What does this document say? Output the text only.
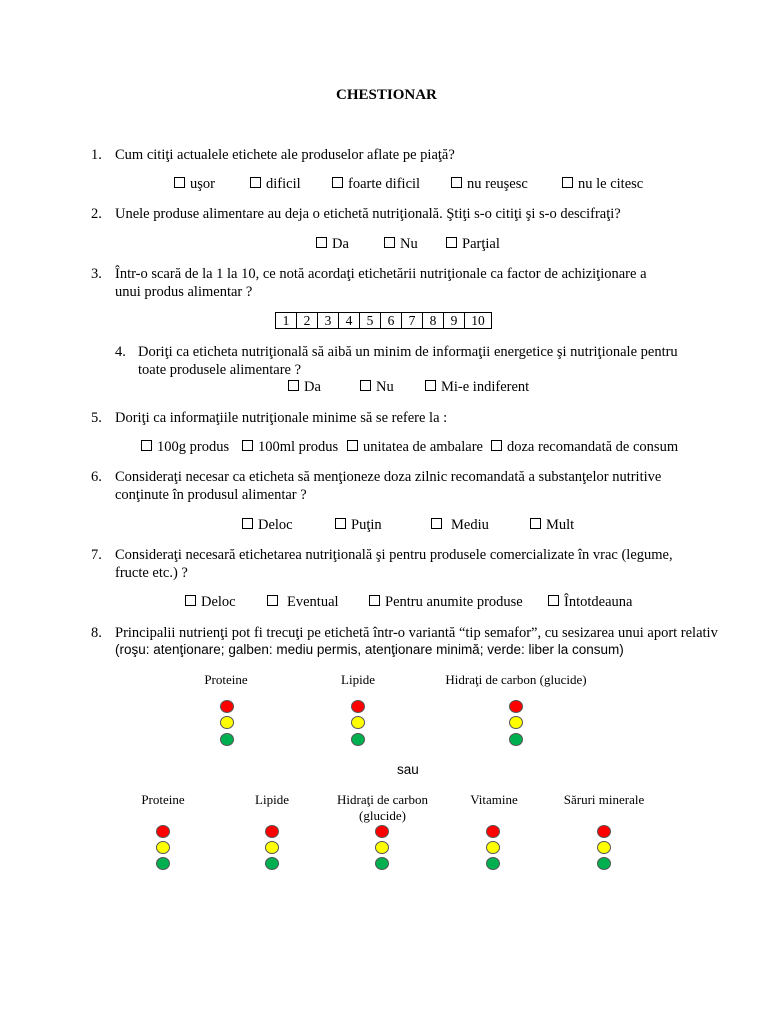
CHESTIONAR
1. Cum citiţi actualele etichete ale produselor aflate pe piaţă?
uşor	dificil	foarte dificil	nu reuşesc	nu le citesc
2. Unele produse alimentare au deja o etichetă nutriţională. Ştiţi s-o citiţi şi s-o descifraţi?
Da	Nu	Parţial
3. Într-o scară de la 1 la 10, ce notă acordaţi etichetării nutriţionale ca factor de achiziţionare a unui produs alimentar ?
1	2	3	4	5	6	7	8	9	10
4. Doriţi ca eticheta nutriţională să aibă un minim de informaţii energetice şi nutriţionale pentru toate produsele alimentare ?
Da	Nu	Mi-e indiferent
5. Doriţi ca informaţiile nutriţionale minime să se refere la :
100g produs	100ml produs	unitatea de ambalare	doza recomandată de consum
6. Consideraţi necesar ca eticheta să menţioneze doza zilnic recomandată a substanţelor nutritive conţinute în produsul alimentar ?
Deloc	Puţin	Mediu	Mult
7. Consideraţi necesară etichetarea nutriţională şi pentru produsele comercializate în vrac (legume, fructe etc.) ?
Deloc	Eventual	Pentru anumite produse	Întotdeauna
8. Principalii nutrienţi pot fi trecuţi pe etichetă într-o variantă “tip semafor”, cu sesizarea unui aport relativ
(roşu: atenţionare; galben: mediu permis, atenţionare minimă; verde: liber la consum)
Proteine	Lipide	Hidraţi de carbon (glucide)
sau
Proteine	Lipide	Hidraţi de carbon (glucide)
Vitamine	Săruri minerale
